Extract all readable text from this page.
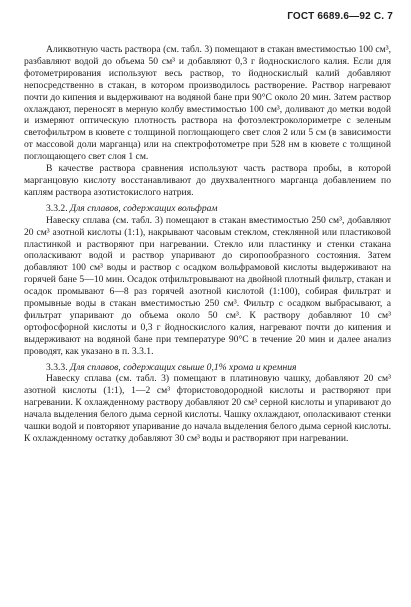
ГОСТ 6689.6—92 С. 7

Аликвотную часть раствора (см. табл. 3) помещают в стакан вместимостью 100 см³, разбавляют водой до объема 50 см³ и добавляют 0,3 г йодноскислого калия. Если для фотометрирования используют весь раствор, то йодноскислый калий добавляют непосредственно в стакан, в котором производилось растворение. Раствор нагревают почти до кипения и выдерживают на водяной бане при 90°С около 20 мин. Затем раствор охлаждают, переносят в мерную колбу вместимостью 100 см³, доливают до метки водой и измеряют оптическую плотность раствора на фотоэлектроколориметре с зеленым светофильтром в кювете с толщиной поглощающего свет слоя 2 или 5 см (в зависимости от массовой доли марганца) или на спектрофотометре при 528 нм в кювете с толщиной поглощающего свет слоя 1 см.

В качестве раствора сравнения используют часть раствора пробы, в которой марганцовую кислоту восстанавливают до двухвалентного марганца добавлением по каплям раствора азотистокислого натрия.

3.3.2. Для сплавов, содержащих вольфрам

Навеску сплава (см. табл. 3) помещают в стакан вместимостью 250 см³, добавляют 20 см³ азотной кислоты (1:1), накрывают часовым стеклом, стеклянной или пластиковой пластинкой и растворяют при нагревании. Стекло или пластинку и стенки стакана ополаскивают водой и раствор упаривают до сиропообразного состояния. Затем добавляют 100 см³ воды и раствор с осадком вольфрамовой кислоты выдерживают на горячей бане 5—10 мин. Осадок отфильтровывают на двойной плотный фильтр, стакан и осадок промывают 6—8 раз горячей азотной кислотой (1:100), собирая фильтрат и промывные воды в стакан вместимостью 250 см³. Фильтр с осадком выбрасывают, а фильтрат упаривают до объема около 50 см³. К раствору добавляют 10 см³ ортофосфорной кислоты и 0,3 г йодноскислого калия, нагревают почти до кипения и выдерживают на водяной бане при температуре 90°С в течение 20 мин и далее анализ проводят, как указано в п. 3.3.1.

3.3.3. Для сплавов, содержащих свыше 0,1% хрома и кремния

Навеску сплава (см. табл. 3) помещают в платиновую чашку, добавляют 20 см³ азотной кислоты (1:1), 1—2 см³ фтористоводородной кислоты и растворяют при нагревании. К охлажденному раствору добавляют 20 см³ серной кислоты и упаривают до начала выделения белого дыма серной кислоты. Чашку охлаждают, ополаскивают стенки чашки водой и повторяют упаривание до начала выделения белого дыма серной кислоты. К охлажденному остатку добавляют 30 см³ воды и растворяют при нагревании.
